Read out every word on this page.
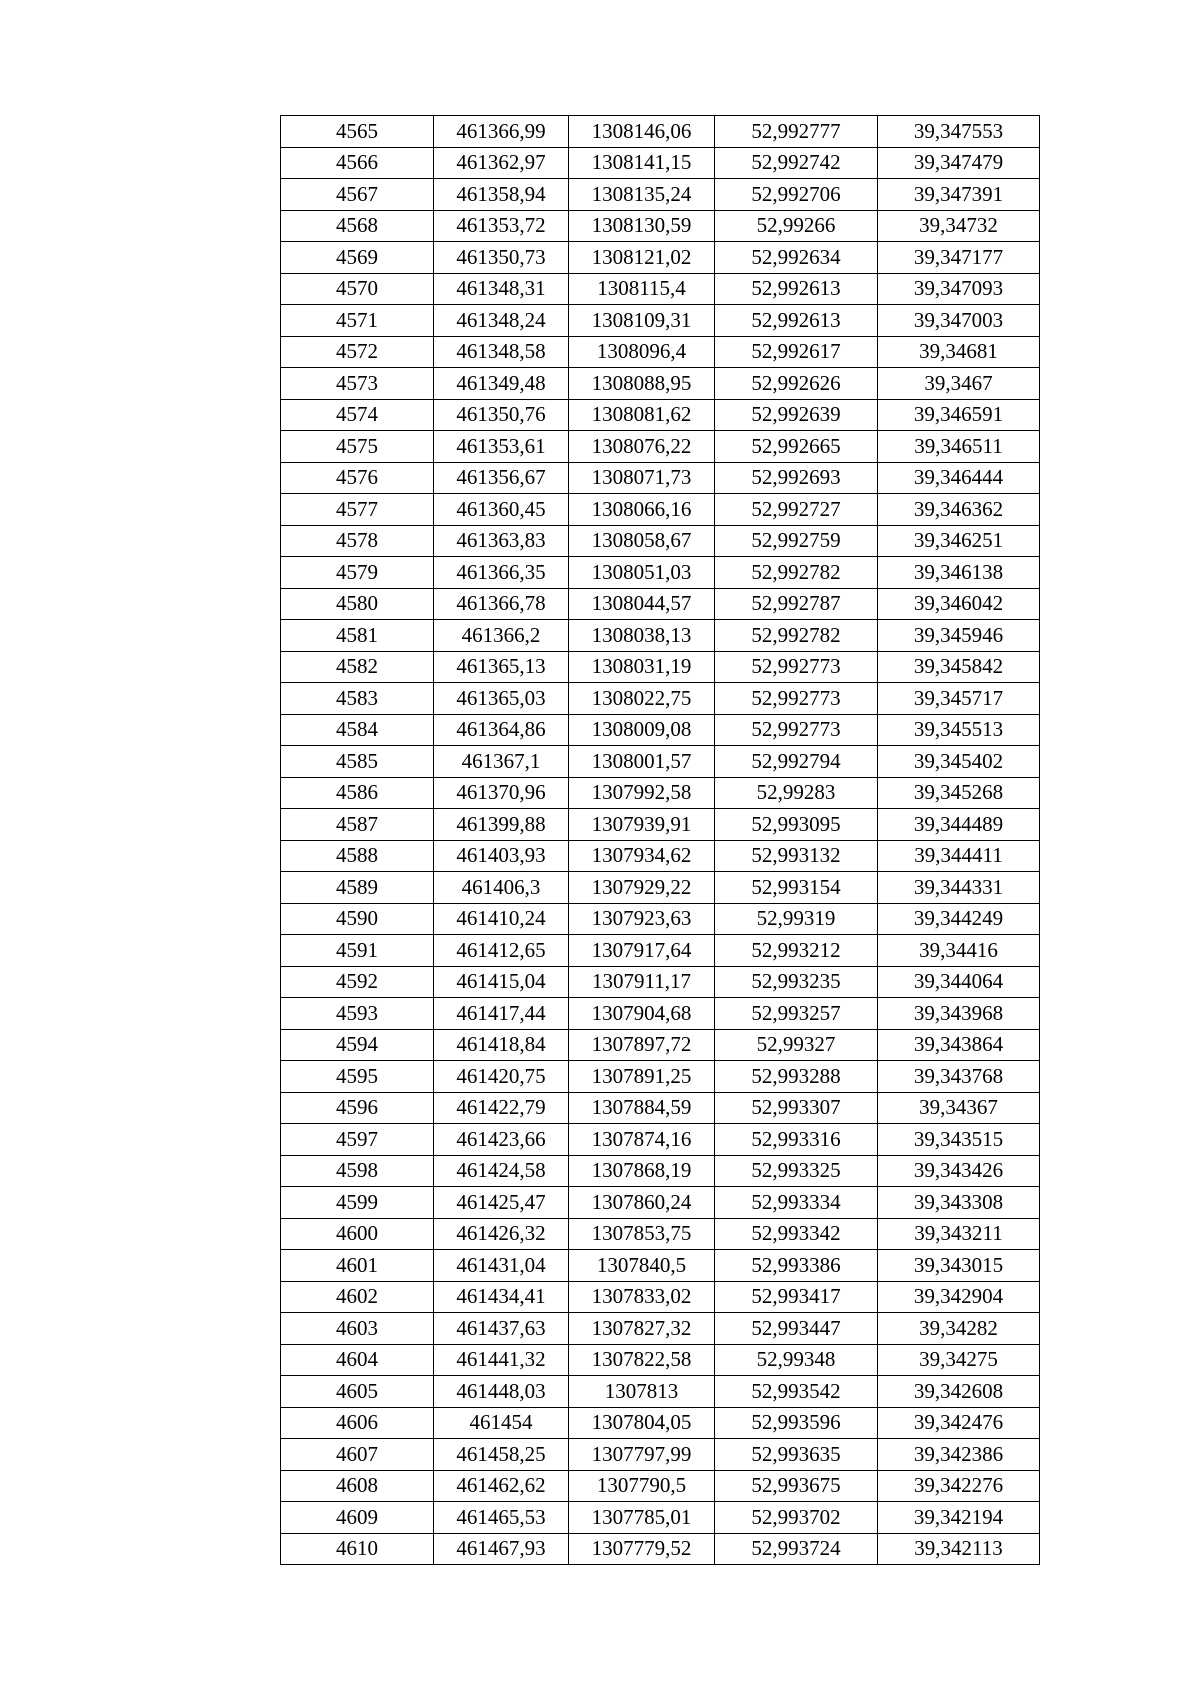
4565	461366,99	1308146,06	52,992777	39,347553
4566	461362,97	1308141,15	52,992742	39,347479
4567	461358,94	1308135,24	52,992706	39,347391
4568	461353,72	1308130,59	52,99266	39,34732
4569	461350,73	1308121,02	52,992634	39,347177
4570	461348,31	1308115,4	52,992613	39,347093
4571	461348,24	1308109,31	52,992613	39,347003
4572	461348,58	1308096,4	52,992617	39,34681
4573	461349,48	1308088,95	52,992626	39,3467
4574	461350,76	1308081,62	52,992639	39,346591
4575	461353,61	1308076,22	52,992665	39,346511
4576	461356,67	1308071,73	52,992693	39,346444
4577	461360,45	1308066,16	52,992727	39,346362
4578	461363,83	1308058,67	52,992759	39,346251
4579	461366,35	1308051,03	52,992782	39,346138
4580	461366,78	1308044,57	52,992787	39,346042
4581	461366,2	1308038,13	52,992782	39,345946
4582	461365,13	1308031,19	52,992773	39,345842
4583	461365,03	1308022,75	52,992773	39,345717
4584	461364,86	1308009,08	52,992773	39,345513
4585	461367,1	1308001,57	52,992794	39,345402
4586	461370,96	1307992,58	52,99283	39,345268
4587	461399,88	1307939,91	52,993095	39,344489
4588	461403,93	1307934,62	52,993132	39,344411
4589	461406,3	1307929,22	52,993154	39,344331
4590	461410,24	1307923,63	52,99319	39,344249
4591	461412,65	1307917,64	52,993212	39,34416
4592	461415,04	1307911,17	52,993235	39,344064
4593	461417,44	1307904,68	52,993257	39,343968
4594	461418,84	1307897,72	52,99327	39,343864
4595	461420,75	1307891,25	52,993288	39,343768
4596	461422,79	1307884,59	52,993307	39,34367
4597	461423,66	1307874,16	52,993316	39,343515
4598	461424,58	1307868,19	52,993325	39,343426
4599	461425,47	1307860,24	52,993334	39,343308
4600	461426,32	1307853,75	52,993342	39,343211
4601	461431,04	1307840,5	52,993386	39,343015
4602	461434,41	1307833,02	52,993417	39,342904
4603	461437,63	1307827,32	52,993447	39,34282
4604	461441,32	1307822,58	52,99348	39,34275
4605	461448,03	1307813	52,993542	39,342608
4606	461454	1307804,05	52,993596	39,342476
4607	461458,25	1307797,99	52,993635	39,342386
4608	461462,62	1307790,5	52,993675	39,342276
4609	461465,53	1307785,01	52,993702	39,342194
4610	461467,93	1307779,52	52,993724	39,342113
